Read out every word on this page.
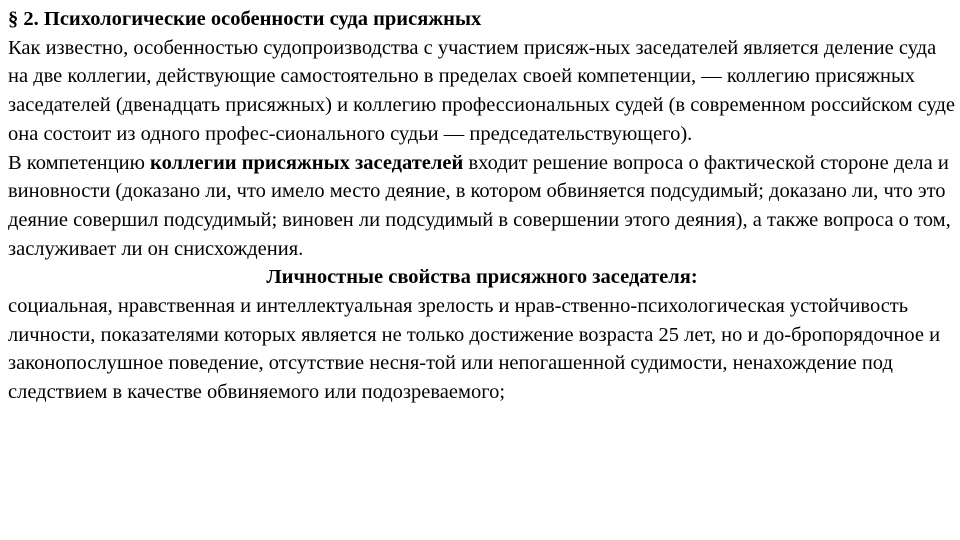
§ 2. Психологические особенности суда присяжных

Как известно, особенностью судопроизводства с участием присяж-ных заседателей является деление суда на две коллегии, действующие самостоятельно в пределах своей компетенции, — коллегию присяжных заседателей (двенадцать присяжных) и коллегию профессиональных судей (в современном российском суде она состоит из одного профес-сионального судьи — председательствующего).

В компетенцию коллегии присяжных заседателей входит решение вопроса о фактической стороне дела и виновности (доказано ли, что имело место деяние, в котором обвиняется подсудимый; доказано ли, что это деяние совершил подсудимый; виновен ли подсудимый в совершении этого деяния), а также вопроса о том, заслуживает ли он снисхождения.

Личностные свойства присяжного заседателя:

социальная, нравственная и интеллектуальная зрелость и нрав-ственно-психологическая устойчивость личности, показателями которых является не только достижение возраста 25 лет, но и до-бропорядочное и законопослушное поведение, отсутствие несня-той или непогашенной судимости, ненахождение под следствием в качестве обвиняемого или подозреваемого;
